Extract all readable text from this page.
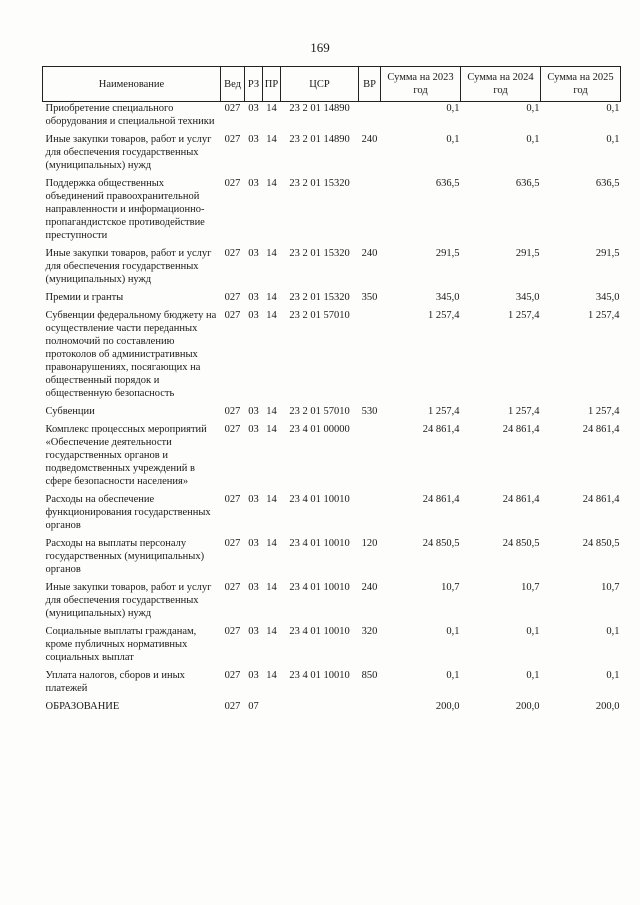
169
Наименование	Вед	РЗ	ПР	ЦСР	ВР	Сумма на 2023 год	Сумма на 2024 год	Сумма на 2025 год
Приобретение специального оборудования и специальной техники	027	03	14	23 2 01 14890		0,1	0,1	0,1
Иные закупки товаров, работ и услуг для обеспечения государственных (муниципальных) нужд	027	03	14	23 2 01 14890	240	0,1	0,1	0,1
Поддержка общественных объединений правоохранительной направленности и информационно-пропагандистское противодействие преступности	027	03	14	23 2 01 15320		636,5	636,5	636,5
Иные закупки товаров, работ и услуг для обеспечения государственных (муниципальных) нужд	027	03	14	23 2 01 15320	240	291,5	291,5	291,5
Премии и гранты	027	03	14	23 2 01 15320	350	345,0	345,0	345,0
Субвенции федеральному бюджету на осуществление части переданных полномочий по составлению протоколов об административных правонарушениях, посягающих на общественный порядок и общественную безопасность	027	03	14	23 2 01 57010		1 257,4	1 257,4	1 257,4
Субвенции	027	03	14	23 2 01 57010	530	1 257,4	1 257,4	1 257,4
Комплекс процессных мероприятий «Обеспечение деятельности государственных органов и подведомственных учреждений в сфере безопасности населения»	027	03	14	23 4 01 00000		24 861,4	24 861,4	24 861,4
Расходы на обеспечение функционирования государственных органов	027	03	14	23 4 01 10010		24 861,4	24 861,4	24 861,4
Расходы на выплаты персоналу государственных (муниципальных) органов	027	03	14	23 4 01 10010	120	24 850,5	24 850,5	24 850,5
Иные закупки товаров, работ и услуг для обеспечения государственных (муниципальных) нужд	027	03	14	23 4 01 10010	240	10,7	10,7	10,7
Социальные выплаты гражданам, кроме публичных нормативных социальных выплат	027	03	14	23 4 01 10010	320	0,1	0,1	0,1
Уплата налогов, сборов и иных платежей	027	03	14	23 4 01 10010	850	0,1	0,1	0,1
ОБРАЗОВАНИЕ	027	07				200,0	200,0	200,0
